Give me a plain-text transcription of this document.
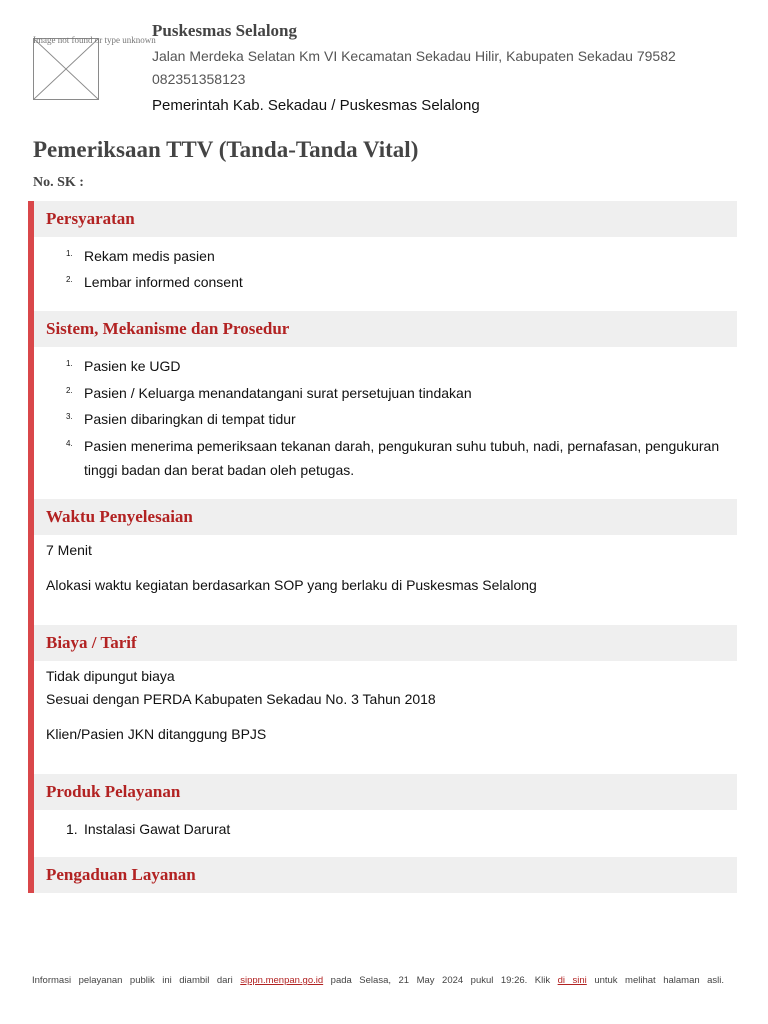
Image not found or type unknown
Puskesmas Selalong
Jalan Merdeka Selatan Km VI Kecamatan Sekadau Hilir, Kabupaten Sekadau 79582
082351358123
Pemerintah Kab. Sekadau / Puskesmas Selalong
Pemeriksaan TTV (Tanda-Tanda Vital)
No. SK :
Persyaratan
1. Rekam medis pasien
2. Lembar informed consent
Sistem, Mekanisme dan Prosedur
1. Pasien ke UGD
2. Pasien / Keluarga menandatangani surat persetujuan tindakan
3. Pasien dibaringkan di tempat tidur
4. Pasien menerima pemeriksaan tekanan darah, pengukuran suhu tubuh, nadi, pernafasan, pengukuran tinggi badan dan berat badan oleh petugas.
Waktu Penyelesaian
7 Menit
Alokasi waktu kegiatan berdasarkan SOP yang berlaku di Puskesmas Selalong
Biaya / Tarif
Tidak dipungut biaya
Sesuai dengan PERDA Kabupaten Sekadau No. 3 Tahun 2018
Klien/Pasien JKN ditanggung BPJS
Produk Pelayanan
1. Instalasi Gawat Darurat
Pengaduan Layanan
Informasi pelayanan publik ini diambil dari sippn.menpan.go.id pada Selasa, 21 May 2024 pukul 19:26. Klik di sini untuk melihat halaman asli.
